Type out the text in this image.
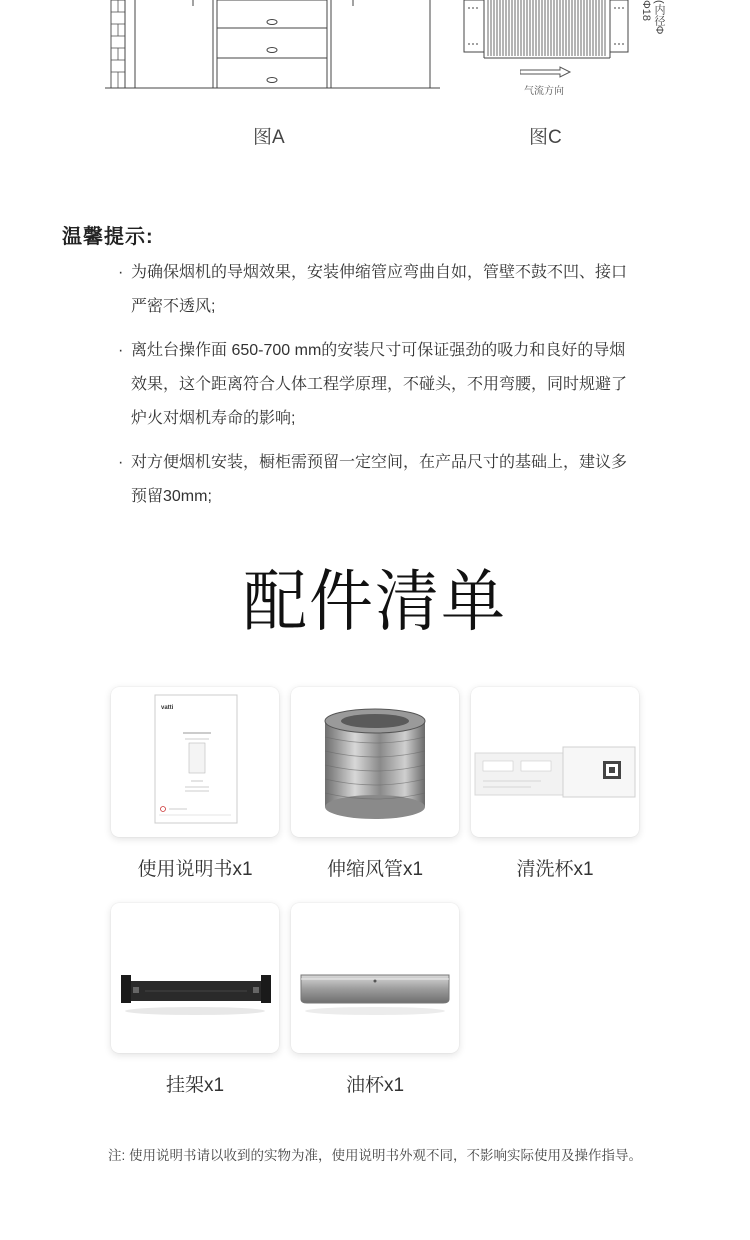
气流方向
Φ18 (内径Φ
图A	图C
温馨提示:
· 为确保烟机的导烟效果，安装伸缩管应弯曲自如，管壁不鼓不凹、接口严密不透风;
· 离灶台操作面 650-700 mm的安装尺寸可保证强劲的吸力和良好的导烟效果，这个距离符合人体工程学原理，不碰头，不用弯腰，同时规避了炉火对烟机寿命的影响;
· 对方便烟机安装，橱柜需预留一定空间，在产品尺寸的基础上，建议多预留30mm;
配件清单
vatti
使用说明书x1	伸缩风管x1	清洗杯x1
挂架x1	油杯x1
注: 使用说明书请以收到的实物为准，使用说明书外观不同，不影响实际使用及操作指导。
